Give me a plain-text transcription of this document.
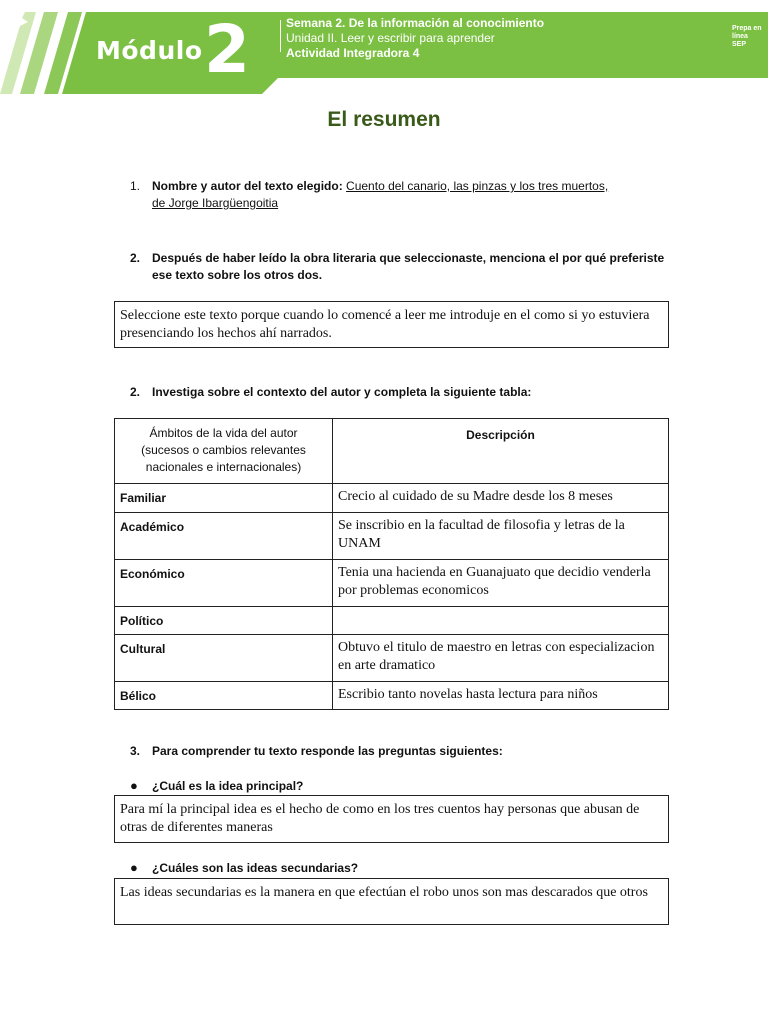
Módulo 2	Semana 2. De la información al conocimiento
Unidad II. Leer y escribir para aprender
Actividad Integradora 4
Prepa en
línea
SEP
El resumen
1. Nombre y autor del texto elegido: Cuento del canario, las pinzas y los tres muertos,
de Jorge Ibargüengoitia
2. Después de haber leído la obra literaria que seleccionaste, menciona el por qué preferiste ese texto sobre los otros dos.
Seleccione este texto porque cuando lo comencé a leer me introduje en el como si yo estuviera presenciando los hechos ahí narrados.
2. Investiga sobre el contexto del autor y completa la siguiente tabla:
Ámbitos de la vida del autor (sucesos o cambios relevantes nacionales e internacionales)	Descripción
Familiar	Crecio al cuidado de su Madre desde los 8 meses
Académico	Se inscribio en la facultad de filosofia y letras de la UNAM
Económico	Tenia una hacienda en Guanajuato que decidio venderla por problemas economicos
Político	
Cultural	Obtuvo el titulo de maestro en letras con especializacion en arte dramatico
Bélico	Escribio tanto novelas hasta lectura para niños
3. Para comprender tu texto responde las preguntas siguientes:
● ¿Cuál es la idea principal?
Para mí la principal idea es el hecho de como en los tres cuentos hay personas que abusan de otras de diferentes maneras
● ¿Cuáles son las ideas secundarias?
Las ideas secundarias es la manera en que efectúan el robo unos son mas descarados que otros
